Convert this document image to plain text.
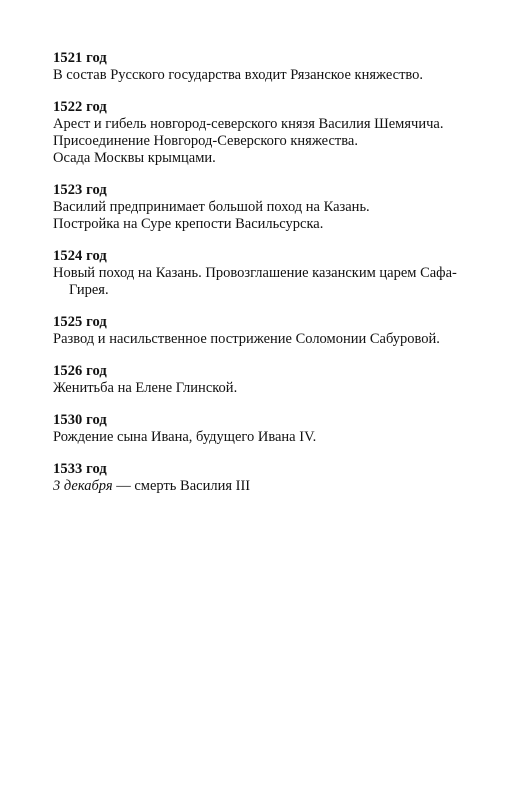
1521 год
В состав Русского государства входит Рязанское княжество.
1522 год
Арест и гибель новгород-северского князя Василия Шемячича.
Присоединение Новгород-Северского княжества.
Осада Москвы крымцами.
1523 год
Василий предпринимает большой поход на Казань.
Постройка на Суре крепости Васильсурска.
1524 год
Новый поход на Казань. Провозглашение казанским царем Сафа-
Гирея.
1525 год
Развод и насильственное пострижение Соломонии Сабуровой.
1526 год
Женитьба на Елене Глинской.
1530 год
Рождение сына Ивана, будущего Ивана IV.
1533 год
3 декабря — смерть Василия III
